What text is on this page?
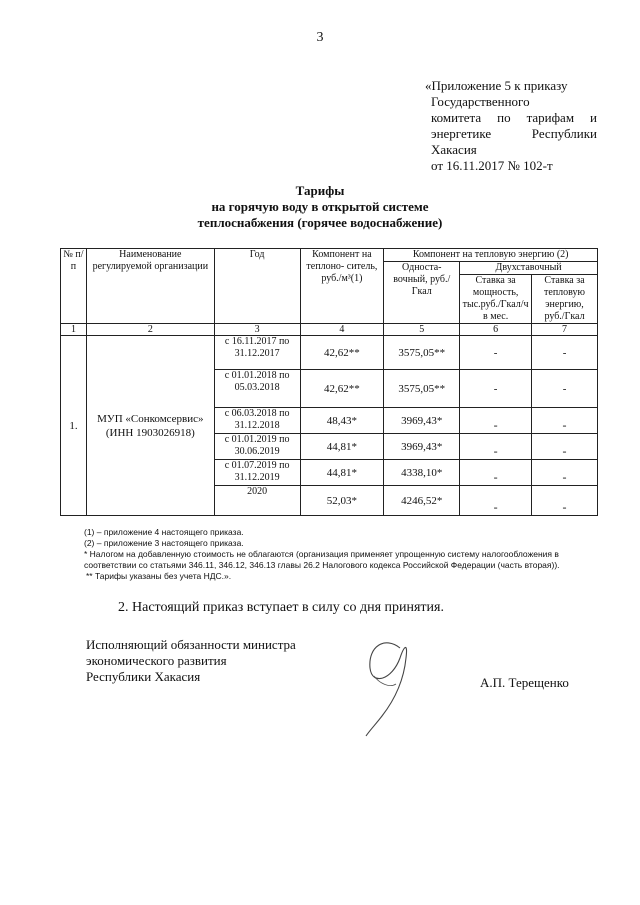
3
«Приложение 5 к приказу
Государственного
комитета по тарифам и
энергетике Республики
Хакасия
от 16.11.2017 № 102-т
Тарифы
на горячую воду в открытой системе
теплоснабжения (горячее водоснабжение)
№ п/п	Наименование регулируемой организации	Год	Компонент на теплоно- ситель, руб./м³(1)	Компонент на тепловую энергию (2)		
				Односта- вочный, руб./Гкал	Двухставочный	
					Ставка за мощность, тыс.руб./Гкал/ч в мес.	Ставка за тепловую энергию, руб./Гкал
1	2	3	4	5	6	7
1.	МУП «Сонкомсервис» (ИНН 1903026918)	с 16.11.2017 по 31.12.2017	42,62**	3575,05**	-	-
		с 01.01.2018 по 05.03.2018	42,62**	3575,05**	-	-
		с 06.03.2018 по 31.12.2018	48,43*	3969,43*	-	-
		с 01.01.2019 по 30.06.2019	44,81*	3969,43*	-	-
		с 01.07.2019 по 31.12.2019	44,81*	4338,10*	-	-
		2020	52,03*	4246,52*	-	-
(1) – приложение 4 настоящего приказа.
(2) – приложение 3 настоящего приказа.
* Налогом на добавленную стоимость не облагаются (организация применяет упрощенную систему налогообложения в соответствии со статьями 346.11, 346.12, 346.13 главы 26.2 Налогового кодекса Российской Федерации (часть вторая)).
** Тарифы указаны без учета НДС.».
2. Настоящий приказ вступает в силу со дня принятия.
Исполняющий обязанности министра
экономического развития
Республики Хакасия	А.П. Терещенко
